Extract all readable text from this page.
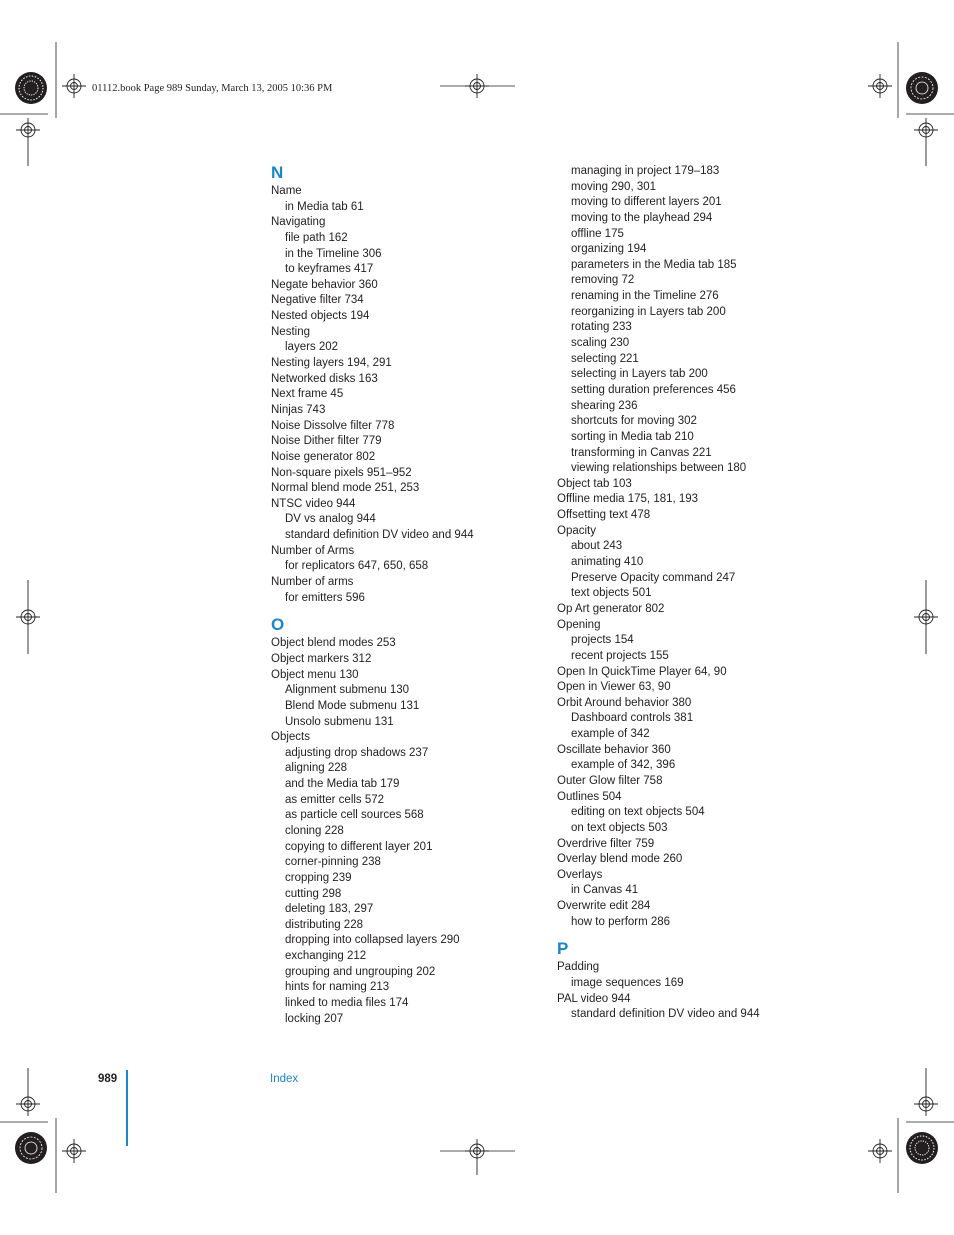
01112.book Page 989 Sunday, March 13, 2005 10:36 PM
N
Name
in Media tab 61
Navigating
file path 162
in the Timeline 306
to keyframes 417
Negate behavior 360
Negative filter 734
Nested objects 194
Nesting
layers 202
Nesting layers 194, 291
Networked disks 163
Next frame 45
Ninjas 743
Noise Dissolve filter 778
Noise Dither filter 779
Noise generator 802
Non-square pixels 951–952
Normal blend mode 251, 253
NTSC video 944
DV vs analog 944
standard definition DV video and 944
Number of Arms
for replicators 647, 650, 658
Number of arms
for emitters 596
O
Object blend modes 253
Object markers 312
Object menu 130
Alignment submenu 130
Blend Mode submenu 131
Unsolo submenu 131
Objects
adjusting drop shadows 237
aligning 228
and the Media tab 179
as emitter cells 572
as particle cell sources 568
cloning 228
copying to different layer 201
corner-pinning 238
cropping 239
cutting 298
deleting 183, 297
distributing 228
dropping into collapsed layers 290
exchanging 212
grouping and ungrouping 202
hints for naming 213
linked to media files 174
locking 207
managing in project 179–183
moving 290, 301
moving to different layers 201
moving to the playhead 294
offline 175
organizing 194
parameters in the Media tab 185
removing 72
renaming in the Timeline 276
reorganizing in Layers tab 200
rotating 233
scaling 230
selecting 221
selecting in Layers tab 200
setting duration preferences 456
shearing 236
shortcuts for moving 302
sorting in Media tab 210
transforming in Canvas 221
viewing relationships between 180
Object tab 103
Offline media 175, 181, 193
Offsetting text 478
Opacity
about 243
animating 410
Preserve Opacity command 247
text objects 501
Op Art generator 802
Opening
projects 154
recent projects 155
Open In QuickTime Player 64, 90
Open in Viewer 63, 90
Orbit Around behavior 380
Dashboard controls 381
example of 342
Oscillate behavior 360
example of 342, 396
Outer Glow filter 758
Outlines 504
editing on text objects 504
on text objects 503
Overdrive filter 759
Overlay blend mode 260
Overlays
in Canvas 41
Overwrite edit 284
how to perform 286
P
Padding
image sequences 169
PAL video 944
standard definition DV video and 944
989	Index
